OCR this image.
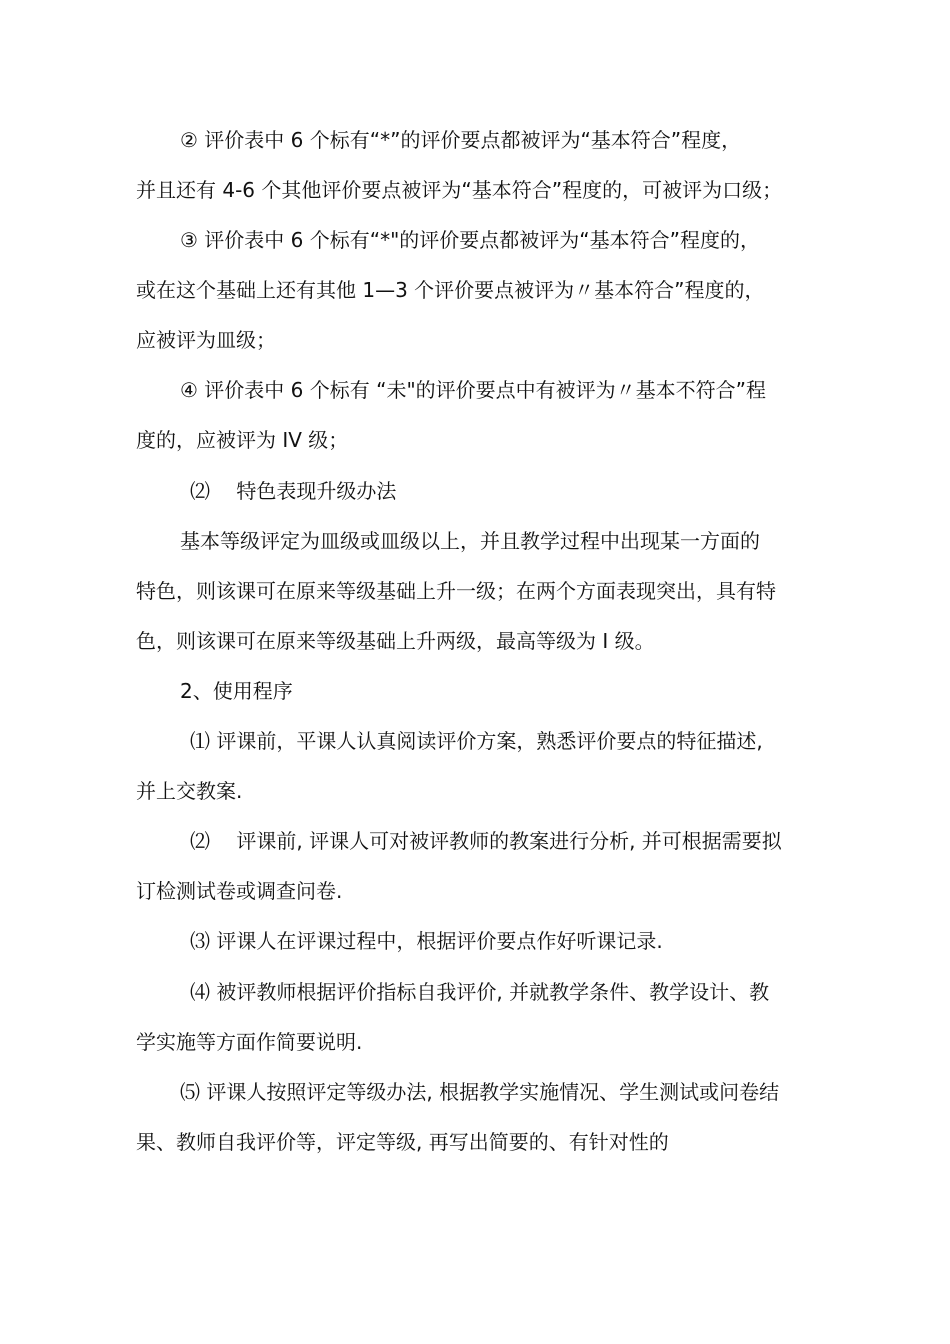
② 评价表中 6 个标有“*”的评价要点都被评为“基本符合”程度，
并且还有 4-6 个其他评价要点被评为“基本符合”程度的，可被评为口级；
③ 评价表中 6 个标有“*"的评价要点都被评为“基本符合”程度的，
或在这个基础上还有其他 1—3 个评价要点被评为〃基本符合”程度的，
应被评为皿级；
④ 评价表中 6 个标有 “未"的评价要点中有被评为〃基本不符合”程
度的，应被评为 IV 级；
⑵ 　特色表现升级办法
基本等级评定为皿级或皿级以上，并且教学过程中出现某一方面的
特色，则该课可在原来等级基础上升一级；在两个方面表现突出，具有特
色，则该课可在原来等级基础上升两级，最高等级为 I 级。
2、使用程序
⑴ 评课前，平课人认真阅读评价方案，熟悉评价要点的特征描述,
并上交教案.
⑵ 　评课前, 评课人可对被评教师的教案进行分析, 并可根据需要拟
订检测试卷或调查问卷.
⑶ 评课人在评课过程中，根据评价要点作好听课记录.
⑷ 被评教师根据评价指标自我评价, 并就教学条件、教学设计、教
学实施等方面作简要说明.
⑸ 评课人按照评定等级办法, 根据教学实施情况、学生测试或问卷结
果、教师自我评价等，评定等级, 再写出简要的、有针对性的
